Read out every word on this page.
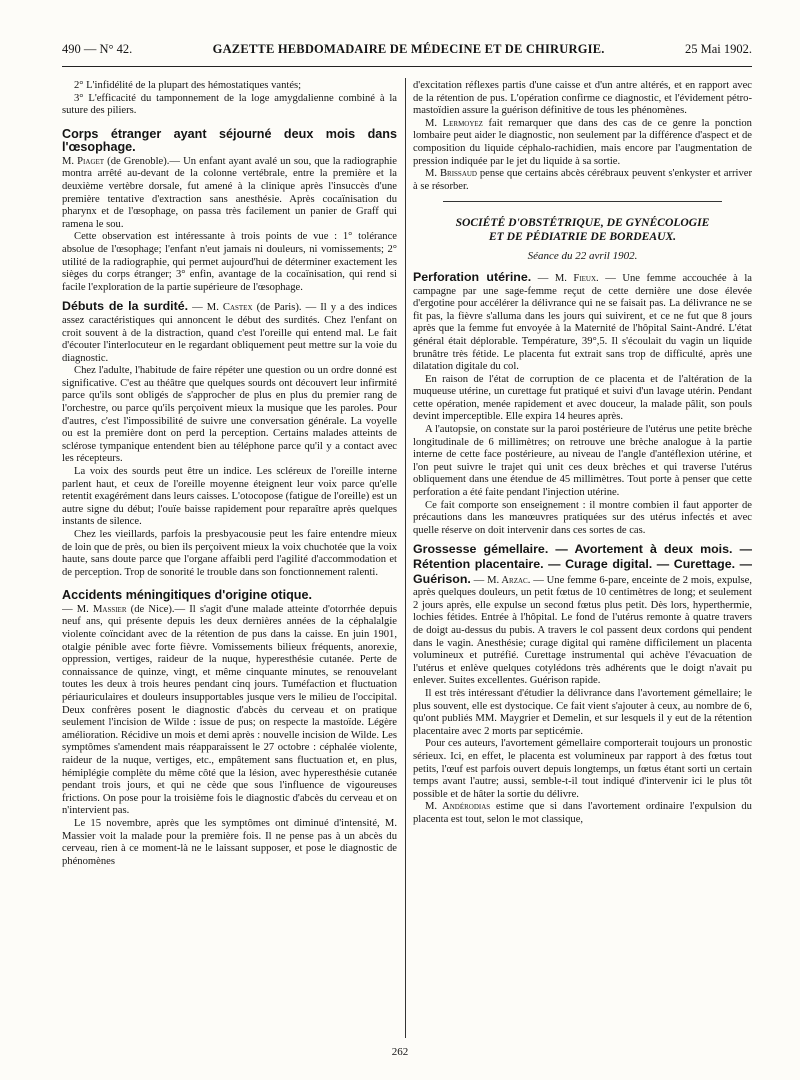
490 — N° 42.	GAZETTE HEBDOMADAIRE DE MÉDECINE ET DE CHIRURGIE.	25 Mai 1902.
2° L'infidélité de la plupart des hémostatiques vantés;
3° L'efficacité du tamponnement de la loge amygdalienne combiné à la suture des piliers.
Corps étranger ayant séjourné deux mois dans l'œsophage.

M. Piaget (de Grenoble).— Un enfant ayant avalé un sou, que la radiographie montra arrêté au-devant de la colonne vertébrale, entre la première et la deuxième vertèbre dorsale, fut amené à la clinique après l'insuccès d'une première tentative d'extraction sans anesthésie. Après cocaïnisation du pharynx et de l'œsophage, on passa très facilement un panier de Graff qui ramena le sou.

Cette observation est intéressante à trois points de vue : 1° tolérance absolue de l'œsophage; l'enfant n'eut jamais ni douleurs, ni vomissements; 2° utilité de la radiographie, qui permet aujourd'hui de déterminer exactement les sièges du corps étranger; 3° enfin, avantage de la cocaïnisation, qui rend si facile l'exploration de la partie supérieure de l'œsophage.

Débuts de la surdité. — M. Castex (de Paris). — Il y a des indices assez caractéristiques qui annoncent le début des surdités. Chez l'enfant on croit souvent à de la distraction, quand c'est l'oreille qui entend mal. Le fait d'écouter l'interlocuteur en le regardant obliquement peut mettre sur la voie du diagnostic.

Chez l'adulte, l'habitude de faire répéter une question ou un ordre donné est significative. C'est au théâtre que quelques sourds ont découvert leur infirmité parce qu'ils sont obligés de s'approcher de plus en plus du premier rang de l'orchestre, ou parce qu'ils perçoivent mieux la musique que les paroles. Pour d'autres, c'est l'impossibilité de suivre une conversation générale. La voyelle ou est la première dont on perd la perception. Certains malades atteints de sclérose tympanique entendent bien au téléphone parce qu'il y a contact avec les récepteurs.

La voix des sourds peut être un indice. Les scléreux de l'oreille interne parlent haut, et ceux de l'oreille moyenne éteignent leur voix parce qu'elle retentit exagérément dans leurs caisses. L'otocopose (fatigue de l'oreille) est un autre signe du début; l'ouïe baisse rapidement pour reparaître après quelques instants de silence.

Chez les vieillards, parfois la presbyacousie peut les faire entendre mieux de loin que de près, ou bien ils perçoivent mieux la voix chuchotée que la voix haute, sans doute parce que l'organe affaibli perd l'agilité d'accommodation et de perception. Trop de sonorité le trouble dans son fonctionnement ralenti.

Accidents méningitiques d'origine otique.

— M. Massier (de Nice).— Il s'agit d'une malade atteinte d'otorrhée depuis neuf ans, qui présente depuis les deux dernières années de la céphalalgie violente coïncidant avec de la rétention de pus dans la caisse. En juin 1901, otalgie pénible avec forte fièvre. Vomissements bilieux fréquents, anorexie, oppression, vertiges, raideur de la nuque, hyperesthésie cutanée. Perte de connaissance de quinze, vingt, et même cinquante minutes, se renouvelant toutes les deux à trois heures pendant cinq jours. Tuméfaction et fluctuation périauriculaires et douleurs insupportables jusque vers le milieu de l'occipital. Deux confrères posent le diagnostic d'abcès du cerveau et on pratique seulement l'incision de Wilde : issue de pus; on respecte la mastoïde. Légère amélioration. Récidive un mois et demi après : nouvelle incision de Wilde. Les symptômes s'amendent mais réapparaissent le 27 octobre : céphalée violente, raideur de la nuque, vertiges, etc., empâtement sans fluctuation et, en plus, hémiplégie complète du même côté que la lésion, avec hyperesthésie cutanée pendant trois jours, et qui ne cède que sous l'influence de vigoureuses frictions. On pose pour la troisième fois le diagnostic d'abcès du cerveau et on n'intervient pas.

Le 15 novembre, après que les symptômes ont diminué d'intensité, M. Massier voit la malade pour la première fois. Il ne pense pas à un abcès du cerveau, rien à ce moment-là ne le laissant supposer, et pose le diagnostic de phénomènes

d'excitation réflexes partis d'une caisse et d'un antre altérés, et en rapport avec de la rétention de pus. L'opération confirme ce diagnostic, et l'évidement pétro-mastoïdien assure la guérison définitive de tous les phénomènes.

M. Lermoyez fait remarquer que dans des cas de ce genre la ponction lombaire peut aider le diagnostic, non seulement par la différence d'aspect et de composition du liquide céphalo-rachidien, mais encore par l'augmentation de pression indiquée par le jet du liquide à sa sortie.

M. Brissaud pense que certains abcès cérébraux peuvent s'enkyster et arriver à se résorber.

SOCIÉTÉ D'OBSTÉTRIQUE, DE GYNÉCOLOGIE
ET DE PÉDIATRIE DE BORDEAUX.
Séance du 22 avril 1902.

Perforation utérine. — M. Fieux. — Une femme accouchée à la campagne par une sage-femme reçut de cette dernière une dose élevée d'ergotine pour accélérer la délivrance qui ne se faisait pas. La délivrance ne se fit pas, la fièvre s'alluma dans les jours qui suivirent, et ce ne fut que 8 jours après que la femme fut envoyée à la Maternité de l'hôpital Saint-André. L'état général était déplorable. Température, 39°,5. Il s'écoulait du vagin un liquide brunâtre très fétide. Le placenta fut extrait sans trop de difficulté, après une dilatation digitale du col.

En raison de l'état de corruption de ce placenta et de l'altération de la muqueuse utérine, un curettage fut pratiqué et suivi d'un lavage utérin. Pendant cette opération, menée rapidement et avec douceur, la malade pâlit, son pouls devint imperceptible. Elle expira 14 heures après.

A l'autopsie, on constate sur la paroi postérieure de l'utérus une petite brèche longitudinale de 6 millimètres; on retrouve une brèche analogue à la partie interne de cette face postérieure, au niveau de l'angle d'antéflexion utérine, et l'on peut suivre le trajet qui unit ces deux brèches et qui traverse l'utérus obliquement dans une étendue de 45 millimètres. Tout porte à penser que cette perforation a été faite pendant l'injection utérine.

Ce fait comporte son enseignement : il montre combien il faut apporter de précautions dans les manœuvres pratiquées sur des utérus infectés et avec quelle réserve on doit intervenir dans ces sortes de cas.

Grossesse gémellaire. — Avortement à deux mois. — Rétention placentaire. — Curage digital. — Curettage. — Guérison. — M. Arzac. — Une femme 6-pare, enceinte de 2 mois, expulse, après quelques douleurs, un petit fœtus de 10 centimètres de long; et seulement 2 jours après, elle expulse un second fœtus plus petit. Dès lors, hyperthermie, lochies fétides. Entrée à l'hôpital. Le fond de l'utérus remonte à quatre travers de doigt au-dessus du pubis. A travers le col passent deux cordons qui pendent dans le vagin. Anesthésie; curage digital qui ramène difficilement un placenta volumineux et putréfié. Curettage instrumental qui achève l'évacuation de l'utérus et enlève quelques cotylédons très adhérents que le doigt n'avait pu enlever. Suites excellentes. Guérison rapide.

Il est très intéressant d'étudier la délivrance dans l'avortement gémellaire; le plus souvent, elle est dystocique. Ce fait vient s'ajouter à ceux, au nombre de 6, qu'ont publiés MM. Maygrier et Demelin, et sur lesquels il y eut de la rétention placentaire avec 2 morts par septicémie.

Pour ces auteurs, l'avortement gémellaire comporterait toujours un pronostic sérieux. Ici, en effet, le placenta est volumineux par rapport à des fœtus tout petits, l'œuf est parfois ouvert depuis longtemps, un fœtus étant sorti un certain temps avant l'autre; aussi, semble-t-il tout indiqué d'intervenir ici le plus tôt possible et de hâter la sortie du délivre.

M. Andérodias estime que si dans l'avortement ordinaire l'expulsion du placenta est tout, selon le mot classique,

262
